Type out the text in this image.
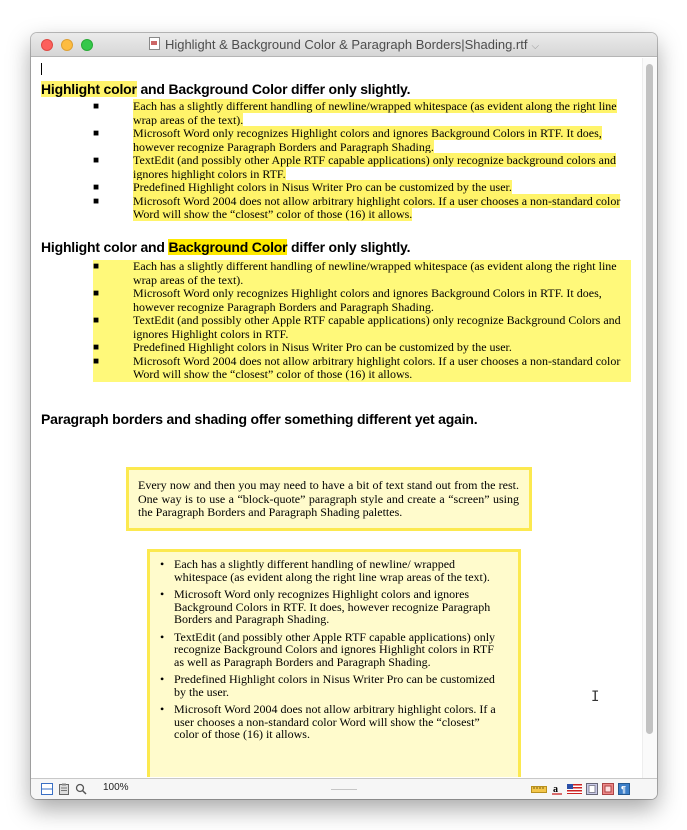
Highlight & Background Color & Paragraph Borders|Shading.rtf ⌵
Highlight color and Background Color differ only slightly.
■	Each has a slightly different handling of newline/wrapped whitespace (as evident along the right line wrap areas of the text).
■	Microsoft Word only recognizes Highlight colors and ignores Background Colors in RTF. It does, however recognize Paragraph Borders and Paragraph Shading.
■	TextEdit (and possibly other Apple RTF capable applications) only recognize background colors and ignores highlight colors in RTF.
■	Predefined Highlight colors in Nisus Writer Pro can be customized by the user.
■	Microsoft Word 2004 does not allow arbitrary highlight colors. If a user chooses a non-standard color Word will show the “closest” color of those (16) it allows.
Highlight color and Background Color differ only slightly.
■	Each has a slightly different handling of newline/wrapped whitespace (as evident along the right line wrap areas of the text).
■	Microsoft Word only recognizes Highlight colors and ignores Background Colors in RTF. It does, however recognize Paragraph Borders and Paragraph Shading.
■	TextEdit (and possibly other Apple RTF capable applications) only recognize Background Colors and ignores Highlight colors in RTF.
■	Predefined Highlight colors in Nisus Writer Pro can be customized by the user.
■	Microsoft Word 2004 does not allow arbitrary highlight colors. If a user chooses a non-standard color Word will show the “closest” color of those (16) it allows.
Paragraph borders and shading offer something different yet again.
Every now and then you may need to have a bit of text stand out from the rest. One way is to use a “block-quote” paragraph style and create a “screen” using the Paragraph Borders and Paragraph Shading palettes.
• Each has a slightly different handling of newline/ wrapped whitespace (as evident along the right line wrap areas of the text).
• Microsoft Word only recognizes Highlight colors and ignores Background Colors in RTF. It does, however recognize Paragraph Borders and Paragraph Shading.
• TextEdit (and possibly other Apple RTF capable applications) only recognize Background Colors and ignores Highlight colors in RTF as well as Paragraph Borders and Paragraph Shading.
• Predefined Highlight colors in Nisus Writer Pro can be customized by the user.
• Microsoft Word 2004 does not allow arbitrary highlight colors. If a user chooses a non-standard color Word will show the “closest” color of those (16) it allows.
I
100%	a	¶
